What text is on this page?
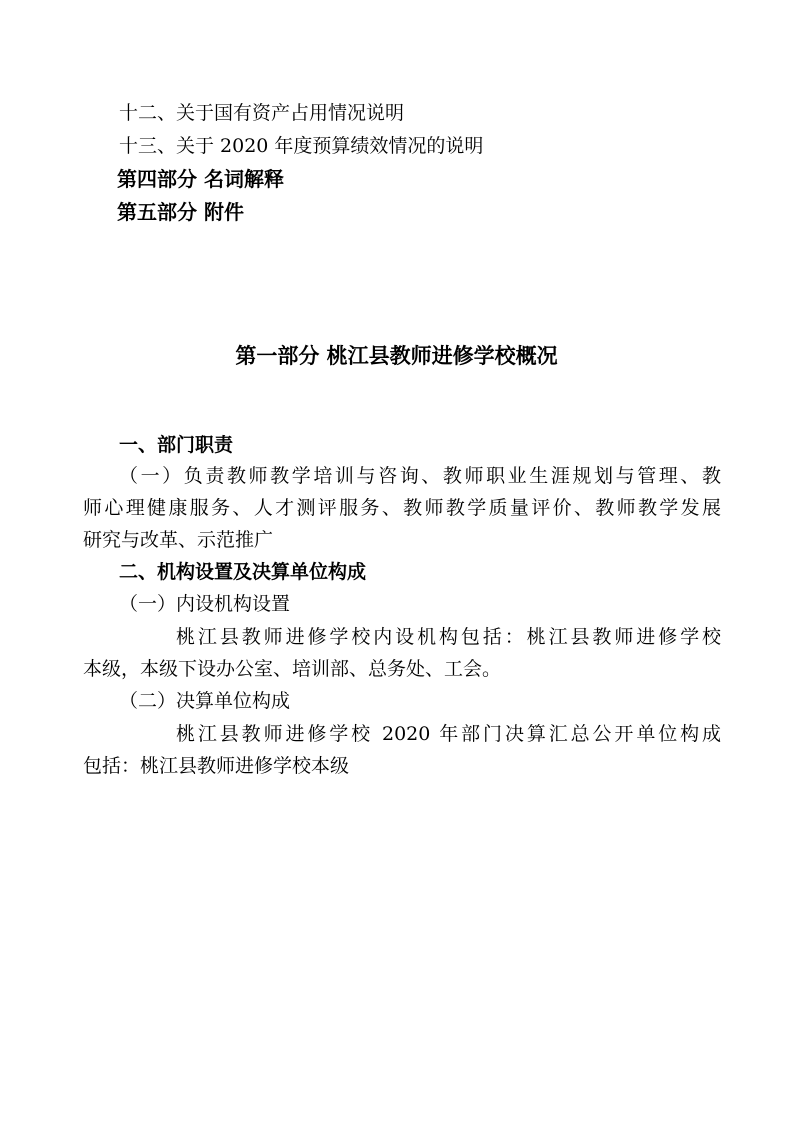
十二、关于国有资产占用情况说明

十三、关于 2020 年度预算绩效情况的说明

第四部分 名词解释

第五部分 附件

第一部分 桃江县教师进修学校概况

一、部门职责

（一）负责教师教学培训与咨询、教师职业生涯规划与管理、教

师心理健康服务、人才测评服务、教师教学质量评价、教师教学发展

研究与改革、示范推广

二、机构设置及决算单位构成

（一）内设机构设置

桃江县教师进修学校内设机构包括：桃江县教师进修学校

本级，本级下设办公室、培训部、总务处、工会。

（二）决算单位构成

桃江县教师进修学校 2020 年部门决算汇总公开单位构成

包括：桃江县教师进修学校本级
